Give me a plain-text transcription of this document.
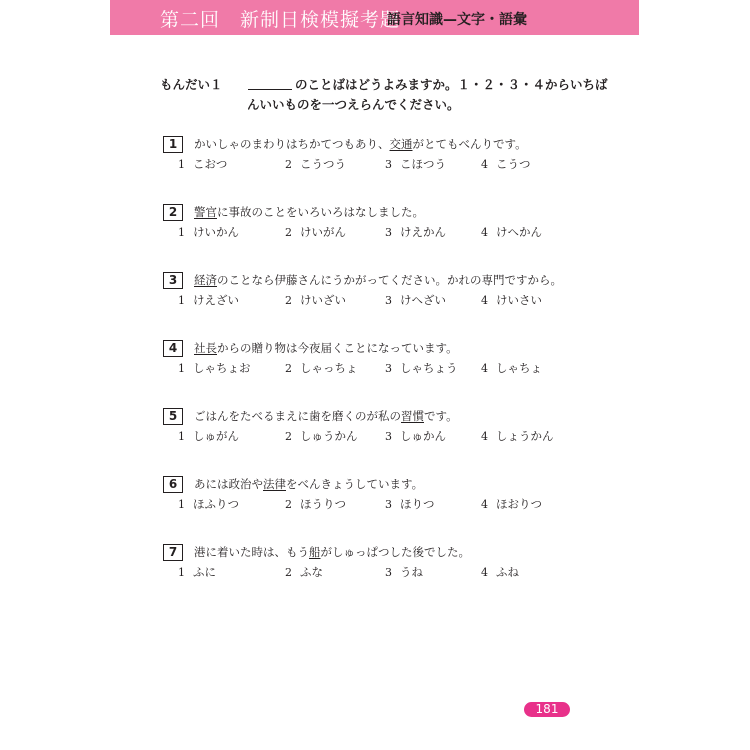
第二回　新制日検模擬考題
語言知識—文字・語彙
もんだい１	のことばはどうよみますか。１・２・３・４からいちば
んいいものを一つえらんでください。
1	かいしゃのまわりはちかてつもあり、交通がとてもべんりです。
1 こおつ	2 こうつう	3 こほつう	4 こうつ
2	警官に事故のことをいろいろはなしました。
1 けいかん	2 けいがん	3 けえかん	4 けへかん
3	経済のことなら伊藤さんにうかがってください。かれの専門ですから。
1 けえざい	2 けいざい	3 けへざい	4 けいさい
4	社長からの贈り物は今夜届くことになっています。
1 しゃちょお	2 しゃっちょ	3 しゃちょう 4 しゃちょ
5	ごはんをたべるまえに歯を磨くのが私の習慣です。
1 しゅがん	2 しゅうかん	3 しゅかん	4 しょうかん
6	あには政治や法律をべんきょうしています。
1 ほふりつ	2 ほうりつ	3 ほりつ	4 ほおりつ
7	港に着いた時は、もう船がしゅっぱつした後でした。
1 ふに	2 ふな	3 うね	4 ふね
181
